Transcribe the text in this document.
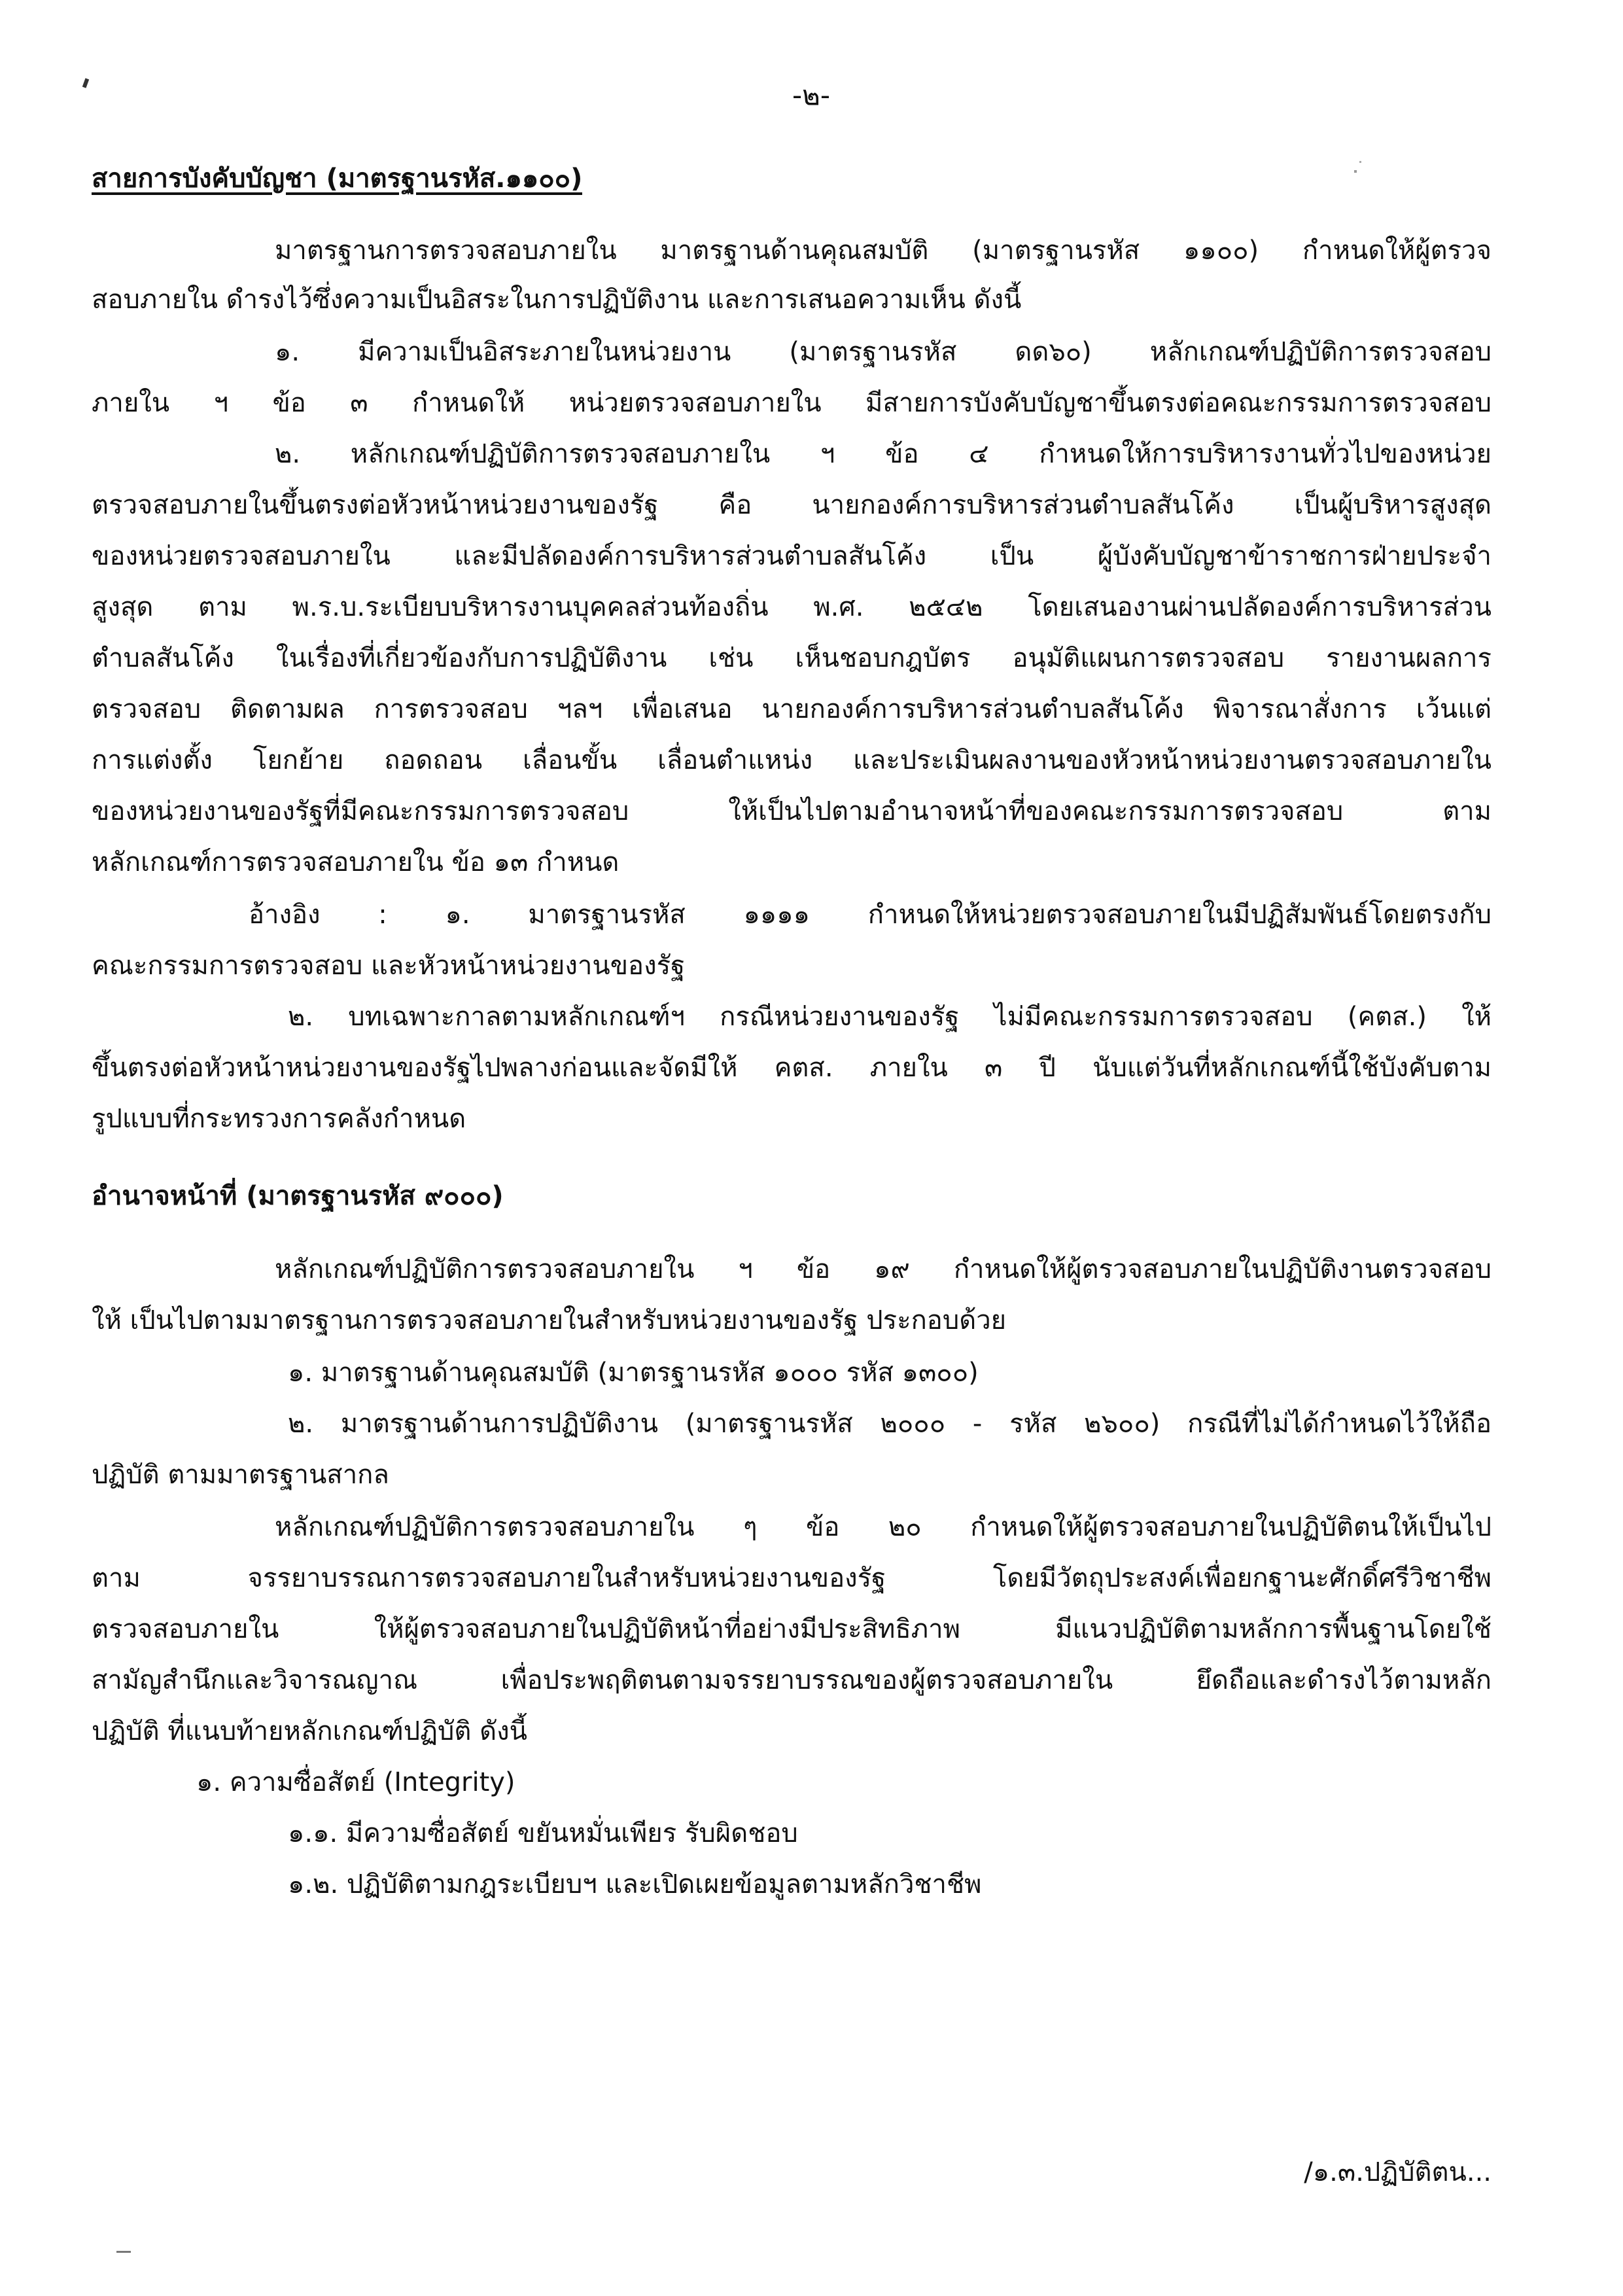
-๒-
สายการบังคับบัญชา (มาตรฐานรหัส.๑๑๐๐)
มาตรฐานการตรวจสอบภายใน มาตรฐานด้านคุณสมบัติ (มาตรฐานรหัส ๑๑๐๐) กำหนดให้ผู้ตรวจ
สอบภายใน ดำรงไว้ซึ่งความเป็นอิสระในการปฏิบัติงาน และการเสนอความเห็น ดังนี้
๑. มีความเป็นอิสระภายในหน่วยงาน (มาตรฐานรหัส ดด๖๐) หลักเกณฑ์ปฏิบัติการตรวจสอบ
ภายใน ฯ ข้อ ๓ กำหนดให้ หน่วยตรวจสอบภายใน มีสายการบังคับบัญชาขึ้นตรงต่อคณะกรรมการตรวจสอบ
๒. หลักเกณฑ์ปฏิบัติการตรวจสอบภายใน ฯ ข้อ ๔ กำหนดให้การบริหารงานทั่วไปของหน่วย
ตรวจสอบภายในขึ้นตรงต่อหัวหน้าหน่วยงานของรัฐ คือ นายกองค์การบริหารส่วนตำบลสันโค้ง เป็นผู้บริหารสูงสุด
ของหน่วยตรวจสอบภายใน และมีปลัดองค์การบริหารส่วนตำบลสันโค้ง เป็น ผู้บังคับบัญชาข้าราชการฝ่ายประจำ
สูงสุด ตาม พ.ร.บ.ระเบียบบริหารงานบุคคลส่วนท้องถิ่น พ.ศ. ๒๕๔๒ โดยเสนองานผ่านปลัดองค์การบริหารส่วน
ตำบลสันโค้ง ในเรื่องที่เกี่ยวข้องกับการปฏิบัติงาน เช่น เห็นชอบกฎบัตร อนุมัติแผนการตรวจสอบ รายงานผลการ
ตรวจสอบ ติดตามผล การตรวจสอบ ฯลฯ เพื่อเสนอ นายกองค์การบริหารส่วนตำบลสันโค้ง พิจารณาสั่งการ เว้นแต่
การแต่งตั้ง โยกย้าย ถอดถอน เลื่อนขั้น เลื่อนตำแหน่ง และประเมินผลงานของหัวหน้าหน่วยงานตรวจสอบภายใน
ของหน่วยงานของรัฐที่มีคณะกรรมการตรวจสอบ ให้เป็นไปตามอำนาจหน้าที่ของคณะกรรมการตรวจสอบ ตาม
หลักเกณฑ์การตรวจสอบภายใน ข้อ ๑๓ กำหนด
อ้างอิง : ๑. มาตรฐานรหัส ๑๑๑๑ กำหนดให้หน่วยตรวจสอบภายในมีปฏิสัมพันธ์โดยตรงกับ
คณะกรรมการตรวจสอบ และหัวหน้าหน่วยงานของรัฐ
๒. บทเฉพาะกาลตามหลักเกณฑ์ฯ กรณีหน่วยงานของรัฐ ไม่มีคณะกรรมการตรวจสอบ (คตส.) ให้
ขึ้นตรงต่อหัวหน้าหน่วยงานของรัฐไปพลางก่อนและจัดมีให้ คตส. ภายใน ๓ ปี นับแต่วันที่หลักเกณฑ์นี้ใช้บังคับตาม
รูปแบบที่กระทรวงการคลังกำหนด
อำนาจหน้าที่ (มาตรฐานรหัส ๙๐๐๐)
หลักเกณฑ์ปฏิบัติการตรวจสอบภายใน ฯ ข้อ ๑๙ กำหนดให้ผู้ตรวจสอบภายในปฏิบัติงานตรวจสอบ
ให้ เป็นไปตามมาตรฐานการตรวจสอบภายในสำหรับหน่วยงานของรัฐ ประกอบด้วย
๑. มาตรฐานด้านคุณสมบัติ (มาตรฐานรหัส ๑๐๐๐ รหัส ๑๓๐๐)
๒. มาตรฐานด้านการปฏิบัติงาน (มาตรฐานรหัส ๒๐๐๐ - รหัส ๒๖๐๐) กรณีที่ไม่ได้กำหนดไว้ให้ถือ
ปฏิบัติ ตามมาตรฐานสากล
หลักเกณฑ์ปฏิบัติการตรวจสอบภายใน ๆ ข้อ ๒๐ กำหนดให้ผู้ตรวจสอบภายในปฏิบัติตนให้เป็นไป
ตาม จรรยาบรรณการตรวจสอบภายในสำหรับหน่วยงานของรัฐ โดยมีวัตถุประสงค์เพื่อยกฐานะศักดิ์ศรีวิชาชีพ
ตรวจสอบภายใน ให้ผู้ตรวจสอบภายในปฏิบัติหน้าที่อย่างมีประสิทธิภาพ มีแนวปฏิบัติตามหลักการพื้นฐานโดยใช้
สามัญสำนึกและวิจารณญาณ เพื่อประพฤติตนตามจรรยาบรรณของผู้ตรวจสอบภายใน ยึดถือและดำรงไว้ตามหลัก
ปฏิบัติ ที่แนบท้ายหลักเกณฑ์ปฏิบัติ ดังนี้
๑. ความซื่อสัตย์ (Integrity)
๑.๑. มีความซื่อสัตย์ ขยันหมั่นเพียร รับผิดชอบ
๑.๒. ปฏิบัติตามกฎระเบียบฯ และเปิดเผยข้อมูลตามหลักวิชาชีพ
/๑.๓.ปฏิบัติตน...
